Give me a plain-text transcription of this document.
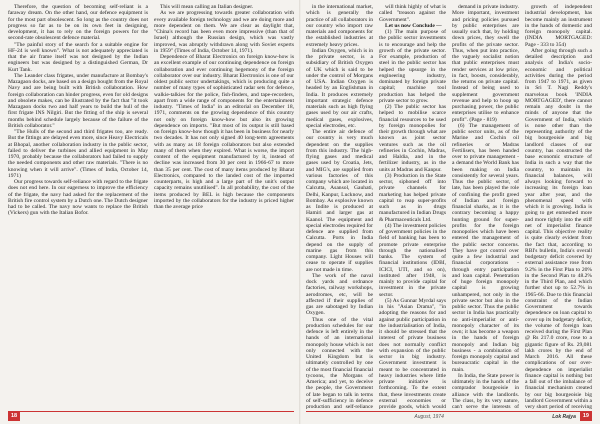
Therefore, the question of becoming self-reliant is a faraway dream. On the other hand, our defence equipment is for the most part obsolescent. So long as the country does not progress so far as to be on its own feet in designing, development, it has to rely on the foreign powers for the second-rate obsolescent defence material.

"The painful story of the search for a suitable engine for HF-24 is well known". What is not adequately appreciated is that the air frame itself was not designed by the Indian engineers but was designed by a distinguished German, Dr Kurt Tank.

The Leander class frigates, under manufacture at Bombay's Mazagaon docks, are based on a design bought from the Royal Navy and are being built with British collaboration. How foreign collaboration can hinder progress, even for old designs and obsolete makes, can be illustrated by the fact that "it took Mazagaon docks two and half years to build the hull of the first frigate INS Nilgiri. But the fitting of the ship is several months behind schedule largely because of the failure of the British collaborator."

"The Hulls of the second and third frigates too, are ready. But the fittings are delayed even more, since Heavy Electricals at Bhopal, another collaboration industry in the public sector, failed to deliver the turbines and allied equipment in May 1970, probably because the collaborators had failed to supply the needed components and other raw materials. "There is no knowing when it will arrive". (Times of India, October 14, 1971)

Our progress towards self-reliance with regard to the frigate does not end here. In our eagerness to improve the efficiency of the frigate, the navy had asked for the replacement of the British fire control system by a Dutch one. The Dutch designer had to be called. The navy now wants to replace the British (Vickers) gun with the Italian Bofor.

This will mean calling an Italian designer.

As we are progressing towards greater collaboration with every available foreign technology and we are doing more and more dependent on them. We are clear as daylight that, "China's record has been even more impressive (than that of Israel) although the Russian design, which was vastly improved, was abruptly withdrawn along with Soviet experts in 1959" (Times of India, October 14, 1971).

Dependence of Bharat Electronics on foreign know-how is an excellent example of our continuing dependence on foreign collaboration and ever continuing hegemony of the foreign collaborator over our industry. Bharat Electronics is one of our oldest public sector undertakings, which is producing quite a number of many types of sophisticated radar sets for defence, walkie-talkies for the police, fish-finders, and tape-recorders, apart from a wide range of components for the entertainment industry. "Times of India" in an editorial on December 18, 1971, comments on the growing dependence of this country not only on foreign know-how but also its growing dependence on imports. "But most of its output is still based on foreign know-how though it has been in business for nearly two decades. It has not only signed 40 long-term agreements with as many as 18 foreign collaborators but also extended many of them when they expired. What is worse, the import content of the equipment manufactured by it, instead of decline was increased from 30 per cent in 1966-67 to more than 35 per cent. The cost of many items produced by Bharat Electronics, compared to the landed cost of the imported counterparts, is high and a large part of the unit's output capacity remains unutilised". In all probability, the cost of the items produced by BEL is high because the components imported by the collaborators for the industry is priced higher than the average price

18

in the international market, which is generally the practice of all collaborators in our country who import raw materials and components for the established industries at extremely heavy prices.

Indian Oxygen, which is in the private sector, is a subsidiary of British Oxygen of UK which is said to be under the control of Morgans of USA. Indian Oxygen is headed by an Englishman in India. It produces extremely important strategic defence materials such as high flying gases used by our air crafts, medical gases, explosives, special electrodes, etc.

The entire air defence of our country is very much dependent on the supplies from this industry. The high-flying gases and medical gases used by Croatia, Jets, and MIG's, are supplied from various factories of this company which are located in Calcutta, Asansol, Gauhati, Delhi, Kanpur, Lucknow, and Bombay. As explosive known as Indite is produced at Hamiri and larger gas at Kaanol. The equipment and special electrodes required for defence are supplied from Calcutta. Ports in India depend on the supply of marine gas from this company. Light Houses will cease to operate if supplies are not made in time.

The work of the naval dock yards and ordnance factories, railway workshops, aerodromes, etc, will be affected if their supplies of gas are sabotaged by Indian Oxygen.

Thus one of the vital production schedules for our defence is left entirely in the hands of an international monopoly house which is not only connected with the United Kingdom but is ultimately controlled by one of the most financial financial tycoons, the Morgans of America; and yet, to deceive the people, the Government of late began to talk in terms of self-sufficiency in defence production and self-reliance

will think highly of what is called "treason against the Government".

Let us now Conclude —

(1) The main purpose of the public sector investments is to encourage and help the growth of the private sector. For example, production of steel in the public sector has helped the upsurge in the engineering industry, dominated by foreign private capital; machine tool production has helped the private sector to grow.

(2) The public sector has helped to mobilise scarce financial resources to be used by foreign monopolies for their growth through what are known as joint sector ventures such as the oil refineries in Cochin, Madras, and Haldia, and in the fertilizer industry, as in the units at Madras and Kanpur.

(3) Production in the State sector, siphoned off into private channels for marketing has helped private capital to reap super-profits such as in drugs manufactured in Indian Drugs & Pharmaceuticals Ltd.

(4) The investment policies of government policies in the field of banking has been to promote private enterprise through the nationalised banks. The system of financial institutions (IDBI, ICICI, UTI, and so on), instituted after 1948, is mainly to provide capital for investment in the private sector.

(5) As Gunnar Myrdal says in his "Asian Drama", "in adopting the reasons for and against public participation in the industrialisation of India, it should be stressed that the interest of private business does not normally conflict with expansion of the public sector in big industry. Government investment is meant to be concentrated in heavy industries where little private initiative is forthcoming. To the extent that, these investments create external economies or provide goods, which would

demand in private industry. More important, investment and pricing policies pursued by public enterprises are usually such that, by holding down prices, they swell the profits of the private sector. Thus, when put into practice, the vaguely socialist notion that public enterprises must render services at low price, in fact, boosts, considerably, the returns on private capital. Instead of being used to supplement government revenue and help to hoop up purchasing power, the public enterprises utilise to enhance profit". (Page - 819)

(6) The management of public sector units, as of the Marine and Cochin oil refineries or Madras Fertilisers, has been handed over to private management - a demand the World Bank has been making on India consistently for several years. Thus the public sector, of late, has been played the role of confining the profit greed of Indian and foreign financial sharks, as it is the contrary becoming a happy hunting ground for super-profits for the foreign monopolies which have been entered the management of the public sector concerns. They have got control over quite a few industrial and financial corporations - through entry participation and loan capital. Penetration of huge foreign monopoly capital is growing unhampered, not only in the private sector but also in the public sector. Thus the public sector in India has practically no anti-imperialist or anti-monopoly character of its own; it has become a weapon in the hands of foreign monopoly and Indian big business - a combination of foreign monopoly capital and bureaucratic capital in the main.

In India, the State power is ultimately in the hands of the comprador bourgeoisie in alliance with the landlords. The class, by its very nature, can't serve the interests of

growth of independent industrial development, has become mainly an instrument in the hands of domestic and foreign monopoly capital. (INDIA MORTGAGED: Page - 333 to 354)

After going through such a detailed description and analysis of India's socio-economic and political activities during the period from 1947 to 1971, as given in Sri T. Nagi Reddy's marvelous book 'INDIA MORTGAGED', there cannot remain any doubt in the minds of anyone that the Government of India, which is none other than the representing authority of the big bourgeoisie and big landlord classes of our country, has constructed the base economic structure of India in such a way that the country, to maintain its financial balances, will always looking forward to increasing its foreign loan year after year, and the phenomenal speed with which it is growing. India is going to get enmeshed more and more tightly into the stiff net of imperialist finance capital. This objective reality is quite clearly evident from the fact that, according to RBI's bulletin, India's overall budgetary deficit covered by external assistance rose from 9.2% in the First Plan to 20% in the Second Plan to 48.2% in the Third Plan, and which further shot up to 52.7% in 1965-66. Due to this financial constraint of the Indian Government towards dependence on loan capital to cover up its budgetary deficit, the volume of foreign loan received during the First Plan @ Rs 217.0 crore, rose to a gigantic figure of Rs. 29,081 lakh crores by the end of March 2016. All these complications of our over-dependence on imperialist finance capital is nothing but a fall out of the imbalance of financial mechanism created by our big bourgeoisie big landlord Government within a very short period of receiving

August, 1974	Lok Rajya	19
